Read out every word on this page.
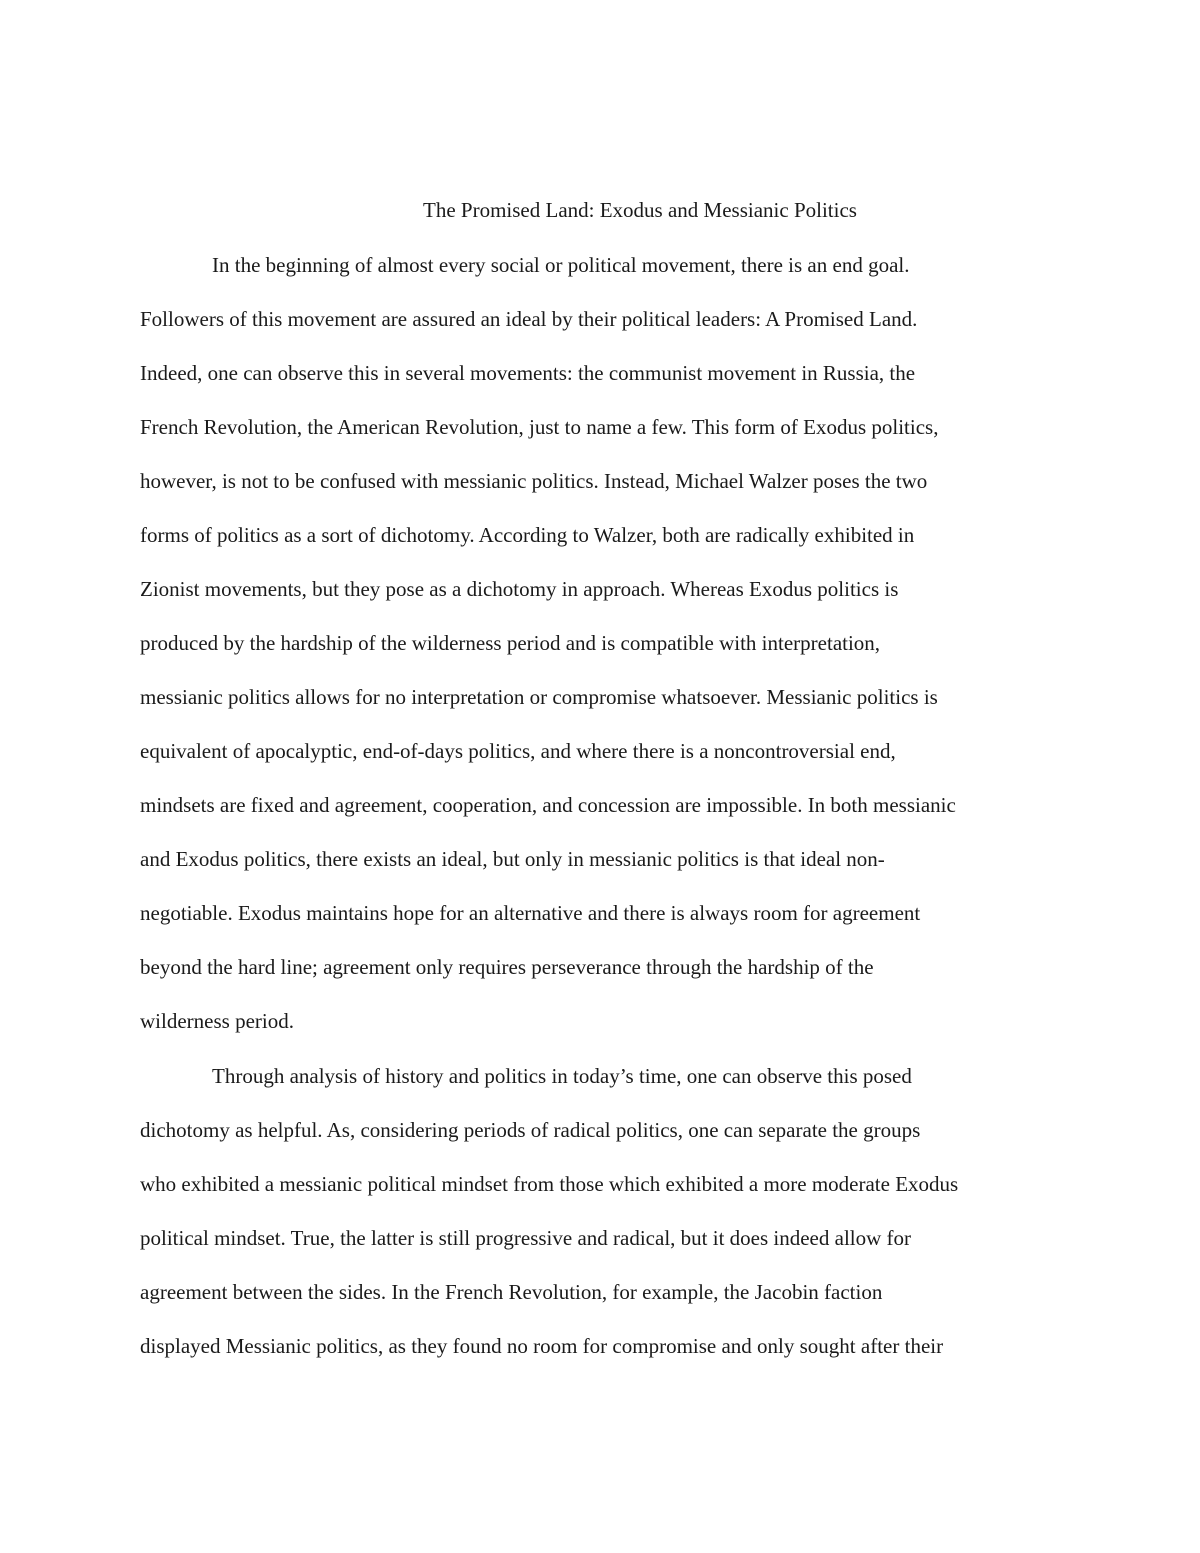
The Promised Land: Exodus and Messianic Politics
In the beginning of almost every social or political movement, there is an end goal.
Followers of this movement are assured an ideal by their political leaders: A Promised Land.
Indeed, one can observe this in several movements: the communist movement in Russia, the
French Revolution, the American Revolution, just to name a few. This form of Exodus politics,
however, is not to be confused with messianic politics. Instead, Michael Walzer poses the two
forms of politics as a sort of dichotomy. According to Walzer, both are radically exhibited in
Zionist movements, but they pose as a dichotomy in approach. Whereas Exodus politics is
produced by the hardship of the wilderness period and is compatible with interpretation,
messianic politics allows for no interpretation or compromise whatsoever. Messianic politics is
equivalent of apocalyptic, end-of-days politics, and where there is a noncontroversial end,
mindsets are fixed and agreement, cooperation, and concession are impossible. In both messianic
and Exodus politics, there exists an ideal, but only in messianic politics is that ideal non-
negotiable. Exodus maintains hope for an alternative and there is always room for agreement
beyond the hard line; agreement only requires perseverance through the hardship of the
wilderness period.
Through analysis of history and politics in today’s time, one can observe this posed
dichotomy as helpful. As, considering periods of radical politics, one can separate the groups
who exhibited a messianic political mindset from those which exhibited a more moderate Exodus
political mindset. True, the latter is still progressive and radical, but it does indeed allow for
agreement between the sides. In the French Revolution, for example, the Jacobin faction
displayed Messianic politics, as they found no room for compromise and only sought after their
